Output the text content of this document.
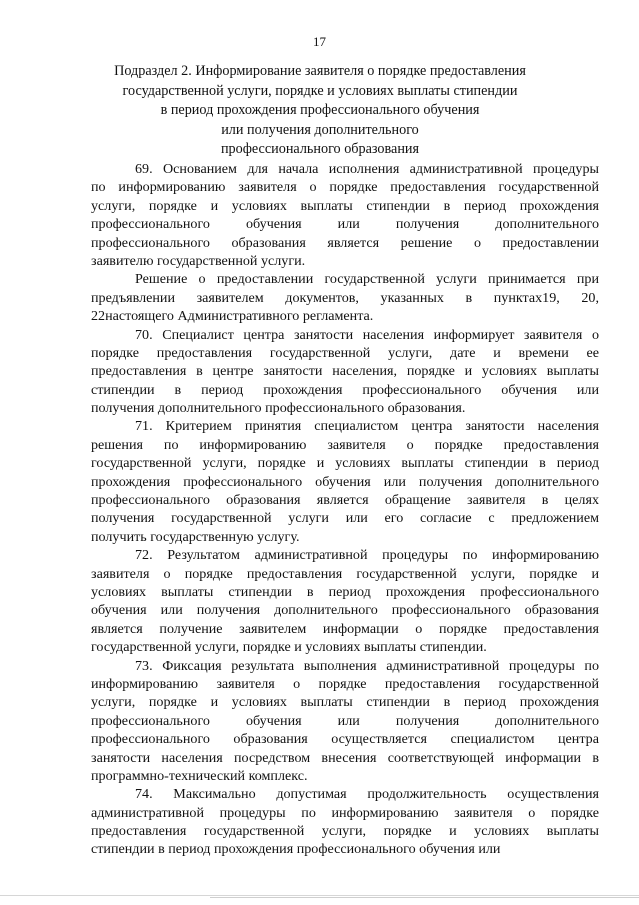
17
Подраздел 2. Информирование заявителя о порядке предоставления
государственной услуги, порядке и условиях выплаты стипендии
в период прохождения профессионального обучения
или получения дополнительного
профессионального образования
69. Основанием для начала исполнения административной процедуры
по информированию заявителя о порядке предоставления государственной
услуги, порядке и условиях выплаты стипендии в период прохождения
профессионального обучения или получения дополнительного
профессионального образования является решение о предоставлении
заявителю государственной услуги.
Решение о предоставлении государственной услуги принимается при
предъявлении заявителем документов, указанных в пунктах19, 20,
22настоящего Административного регламента.
70. Специалист центра занятости населения информирует заявителя о
порядке предоставления государственной услуги, дате и времени ее
предоставления в центре занятости населения, порядке и условиях выплаты
стипендии в период прохождения профессионального обучения или
получения дополнительного профессионального образования.
71. Критерием принятия специалистом центра занятости населения
решения по информированию заявителя о порядке предоставления
государственной услуги, порядке и условиях выплаты стипендии в период
прохождения профессионального обучения или получения дополнительного
профессионального образования является обращение заявителя в целях
получения государственной услуги или его согласие с предложением
получить государственную услугу.
72. Результатом административной процедуры по информированию
заявителя о порядке предоставления государственной услуги, порядке и
условиях выплаты стипендии в период прохождения профессионального
обучения или получения дополнительного профессионального образования
является получение заявителем информации о порядке предоставления
государственной услуги, порядке и условиях выплаты стипендии.
73. Фиксация результата выполнения административной процедуры по
информированию заявителя о порядке предоставления государственной
услуги, порядке и условиях выплаты стипендии в период прохождения
профессионального обучения или получения дополнительного
профессионального образования осуществляется специалистом центра
занятости населения посредством внесения соответствующей информации в
программно-технический комплекс.
74. Максимально допустимая продолжительность осуществления
административной процедуры по информированию заявителя о порядке
предоставления государственной услуги, порядке и условиях выплаты
стипендии в период прохождения профессионального обучения или
